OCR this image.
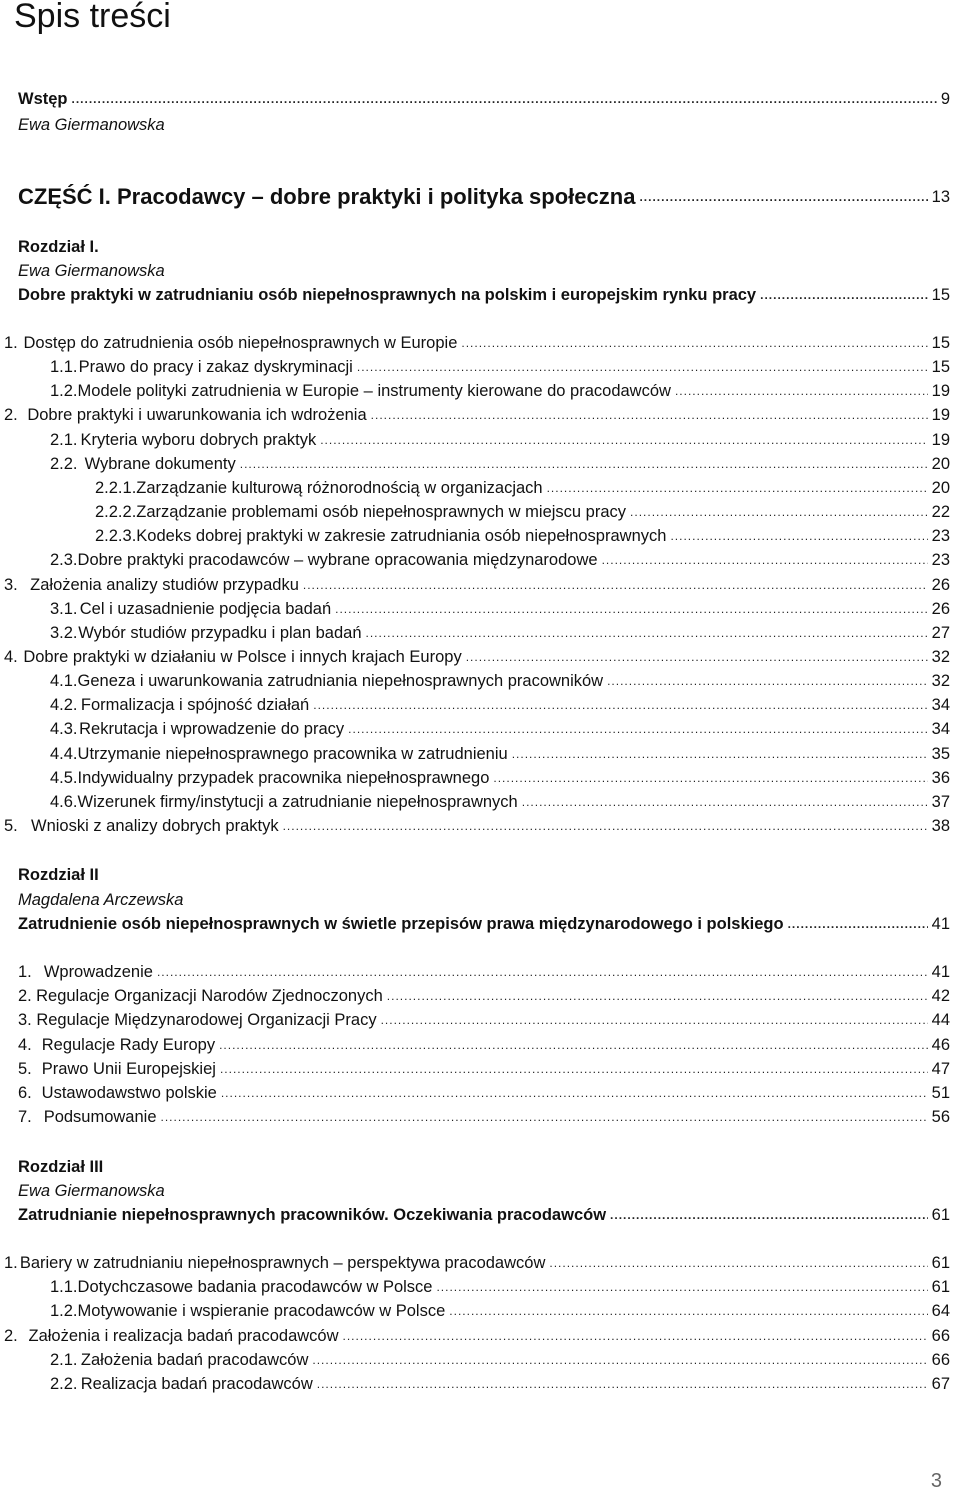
Spis treści
Wstęp .....	9
Ewa Giermanowska
CZĘŚĆ I. Pracodawcy – dobre praktyki i polityka społeczna .....	13
Rozdział I.
Ewa Giermanowska
Dobre praktyki w zatrudnianiu osób niepełnosprawnych na polskim i europejskim rynku pracy .....	15
1. Dostęp do zatrudnienia osób niepełnosprawnych w Europie .....	15
1.1. Prawo do pracy i zakaz dyskryminacji .....	15
1.2. Modele polityki zatrudnienia w Europie – instrumenty kierowane do pracodawców .....	19
2. Dobre praktyki i uwarunkowania ich wdrożenia .....	19
2.1. Kryteria wyboru dobrych praktyk .....	19
2.2. Wybrane dokumenty .....	20
2.2.1. Zarządzanie kulturową różnorodnością w organizacjach .....	20
2.2.2. Zarządzanie problemami osób niepełnosprawnych w miejscu pracy .....	22
2.2.3. Kodeks dobrej praktyki w zakresie zatrudniania osób niepełnosprawnych .....	23
2.3. Dobre praktyki pracodawców – wybrane opracowania międzynarodowe .....	23
3. Założenia analizy studiów przypadku .....	26
3.1. Cel i uzasadnienie podjęcia badań .....	26
3.2. Wybór studiów przypadku i plan badań .....	27
4. Dobre praktyki w działaniu w Polsce i innych krajach Europy .....	32
4.1. Geneza i uwarunkowania zatrudniania niepełnosprawnych pracowników .....	32
4.2. Formalizacja i spójność działań .....	34
4.3. Rekrutacja i wprowadzenie do pracy .....	34
4.4. Utrzymanie niepełnosprawnego pracownika w zatrudnieniu .....	35
4.5. Indywidualny przypadek pracownika niepełnosprawnego .....	36
4.6. Wizerunek firmy/instytucji a zatrudnianie niepełnosprawnych .....	37
5. Wnioski z analizy dobrych praktyk .....	38
Rozdział II
Magdalena Arczewska
Zatrudnienie osób niepełnosprawnych w świetle przepisów prawa międzynarodowego i polskiego .....	41
1. Wprowadzenie .....	41
2. Regulacje Organizacji Narodów Zjednoczonych .....	42
3. Regulacje Międzynarodowej Organizacji Pracy .....	44
4. Regulacje Rady Europy .....	46
5. Prawo Unii Europejskiej .....	47
6. Ustawodawstwo polskie .....	51
7. Podsumowanie .....	56
Rozdział III
Ewa Giermanowska
Zatrudnianie niepełnosprawnych pracowników. Oczekiwania pracodawców .....	61
1. Bariery w zatrudnianiu niepełnosprawnych – perspektywa pracodawców .....	61
1.1. Dotychczasowe badania pracodawców w Polsce .....	61
1.2. Motywowanie i wspieranie pracodawców w Polsce .....	64
2. Założenia i realizacja badań pracodawców .....	66
2.1. Założenia badań pracodawców .....	66
2.2. Realizacja badań pracodawców .....	67
3
